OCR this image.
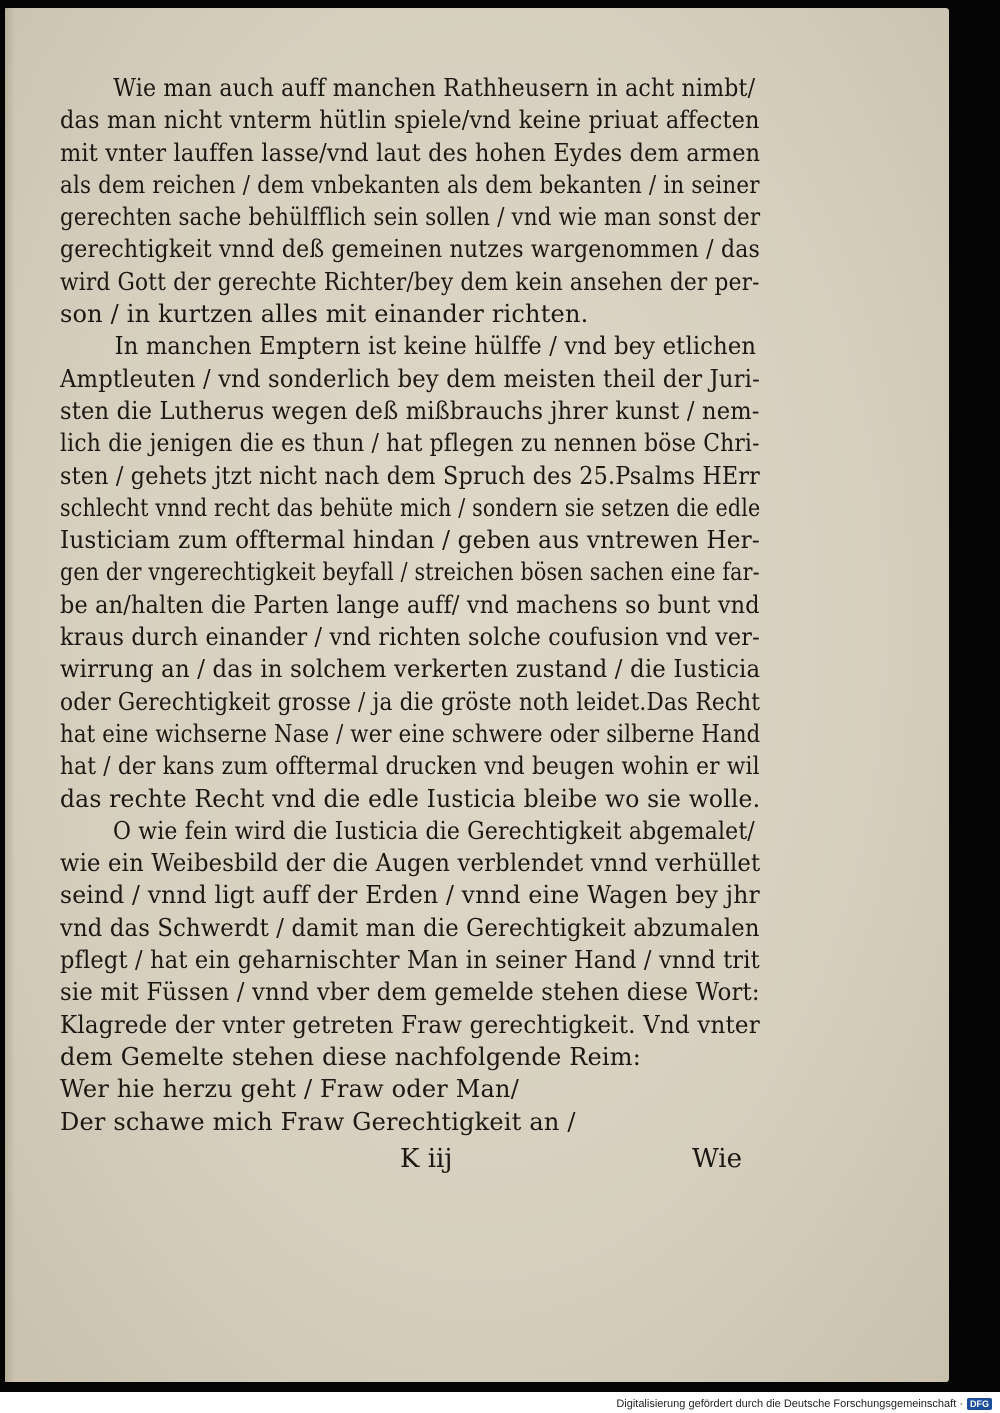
Wie man auch auff manchen Rathheusern in acht nimbt/
das man nicht vnterm hütlin spiele/vnd keine priuat affecten
mit vnter lauffen lasse/vnd laut des hohen Eydes dem armen
als dem reichen / dem vnbekanten als dem bekanten / in seiner
gerechten sache behülfflich sein sollen / vnd wie man sonst der
gerechtigkeit vnnd deß gemeinen nutzes wargenommen / das
wird Gott der gerechte Richter/bey dem kein ansehen der per-
son / in kurtzen alles mit einander richten.
In manchen Emptern ist keine hülffe / vnd bey etlichen
Amptleuten / vnd sonderlich bey dem meisten theil der Juri-
sten die Lutherus wegen deß mißbrauchs jhrer kunst / nem-
lich die jenigen die es thun / hat pflegen zu nennen böse Chri-
sten / gehets jtzt nicht nach dem Spruch des 25.Psalms HErr
schlecht vnnd recht das behüte mich / sondern sie setzen die edle
Iusticiam zum offtermal hindan / geben aus vntrewen Her-
gen der vngerechtigkeit beyfall / streichen bösen sachen eine far-
be an/halten die Parten lange auff/ vnd machens so bunt vnd
kraus durch einander / vnd richten solche coufusion vnd ver-
wirrung an / das in solchem verkerten zustand / die Iusticia
oder Gerechtigkeit grosse / ja die gröste noth leidet.Das Recht
hat eine wichserne Nase / wer eine schwere oder silberne Hand
hat / der kans zum offtermal drucken vnd beugen wohin er wil
das rechte Recht vnd die edle Iusticia bleibe wo sie wolle.
O wie fein wird die Iusticia die Gerechtigkeit abgemalet/
wie ein Weibesbild der die Augen verblendet vnnd verhüllet
seind / vnnd ligt auff der Erden / vnnd eine Wagen bey jhr
vnd das Schwerdt / damit man die Gerechtigkeit abzumalen
pflegt / hat ein geharnischter Man in seiner Hand / vnnd trit
sie mit Füssen / vnnd vber dem gemelde stehen diese Wort:
Klagrede der vnter getreten Fraw gerechtigkeit. Vnd vnter
dem Gemelte stehen diese nachfolgende Reim:
Wer hie herzu geht / Fraw oder Man/
Der schawe mich Fraw Gerechtigkeit an /
K iij	Wie
Digitalisierung gefördert durch die Deutsche Forschungsgemeinschaft · DFG
